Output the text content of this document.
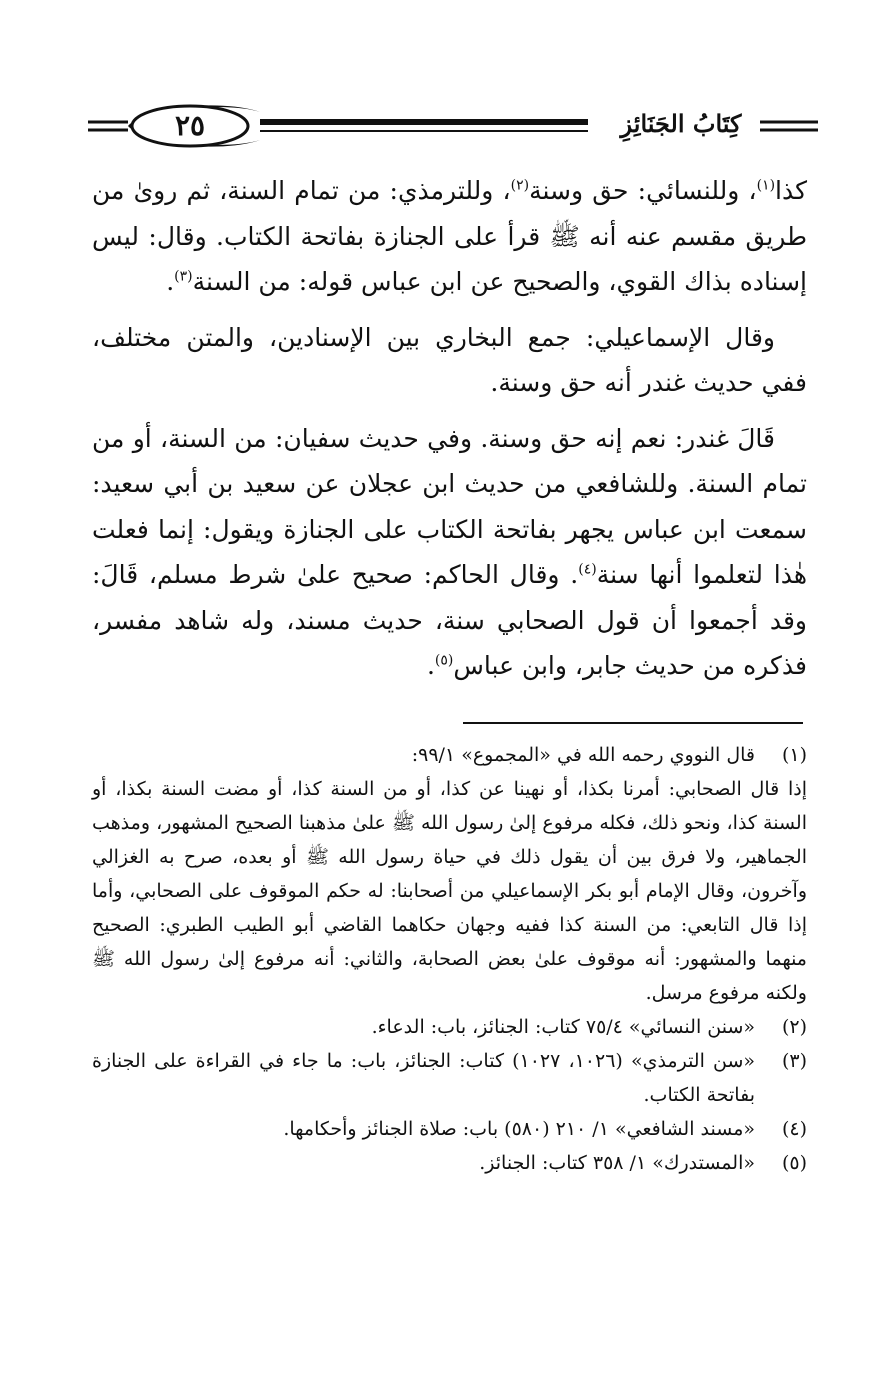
٢٥	كِتَابُ الجَنَائِزِ

كذا$^{(١)}$، وللنسائي: حق وسنة$^{(٢)}$، وللترمذي: من تمام السنة، ثم روىٰ من طريق مقسم عنه أنه ﷺ قرأ على الجنازة بفاتحة الكتاب. وقال: ليس إسناده بذاك القوي، والصحيح عن ابن عباس قوله: من السنة$^{(٣)}$.

وقال الإسماعيلي: جمع البخاري بين الإسنادين، والمتن مختلف، ففي حديث غندر أنه حق وسنة.

قَالَ غندر: نعم إنه حق وسنة. وفي حديث سفيان: من السنة، أو من تمام السنة. وللشافعي من حديث ابن عجلان عن سعيد بن أبي سعيد: سمعت ابن عباس يجهر بفاتحة الكتاب على الجنازة ويقول: إنما فعلت هٰذا لتعلموا أنها سنة$^{(٤)}$. وقال الحاكم: صحيح علىٰ شرط مسلم، قَالَ: وقد أجمعوا أن قول الصحابي سنة، حديث مسند، وله شاهد مفسر، فذكره من حديث جابر، وابن عباس$^{(٥)}$.

(١)
قال النووي رحمه الله في «المجموع» ٩٩/١:

إذا قال الصحابي: أمرنا بكذا، أو نهينا عن كذا، أو من السنة كذا، أو مضت السنة بكذا، أو السنة كذا، ونحو ذلك، فكله مرفوع إلىٰ رسول الله ﷺ علىٰ مذهبنا الصحيح المشهور، ومذهب الجماهير، ولا فرق بين أن يقول ذلك في حياة رسول الله ﷺ أو بعده، صرح به الغزالي وآخرون، وقال الإمام أبو بكر الإسماعيلي من أصحابنا: له حكم الموقوف على الصحابي، وأما إذا قال التابعي: من السنة كذا ففيه وجهان حكاهما القاضي أبو الطيب الطبري: الصحيح منهما والمشهور: أنه موقوف علىٰ بعض الصحابة، والثاني: أنه مرفوع إلىٰ رسول الله ﷺ ولكنه مرفوع مرسل.

(٢)
«سنن النسائي» ٧٥/٤ كتاب: الجنائز، باب: الدعاء.
(٣)
«سن الترمذي» (١٠٢٦، ١٠٢٧) كتاب: الجنائز، باب: ما جاء في القراءة على الجنازة بفاتحة الكتاب.
(٤)
«مسند الشافعي» ١/ ٢١٠ (٥٨٠) باب: صلاة الجنائز وأحكامها.
(٥)
«المستدرك» ١/ ٣٥٨ كتاب: الجنائز.
